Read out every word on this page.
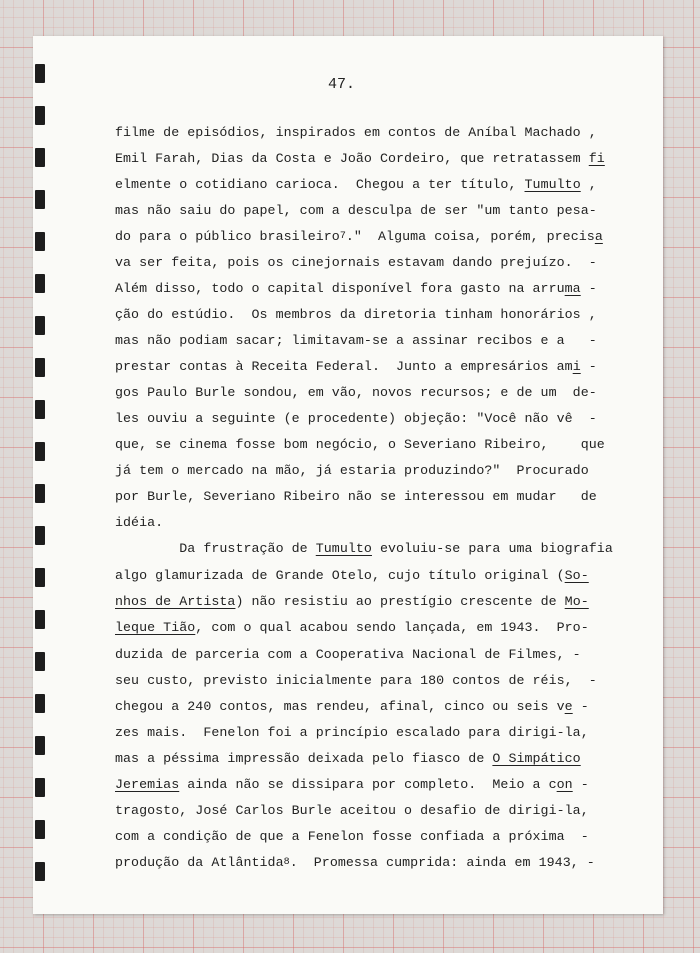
47.
filme de episódios, inspirados em contos de Aníbal Machado ,
Emil Farah, Dias da Costa e João Cordeiro, que retratassem fi
elmente o cotidiano carioca.  Chegou a ter título, Tumulto ,
mas não saiu do papel, com a desculpa de ser "um tanto pesa-
do para o público brasileiro$^7$."  Alguma coisa, porém, precisa
va ser feita, pois os cinejornais estavam dando prejuízo.  -
Além disso, todo o capital disponível fora gasto na arruma -
ção do estúdio.  Os membros da diretoria tinham honorários ,
mas não podiam sacar; limitavam-se a assinar recibos e a   -
prestar contas à Receita Federal.  Junto a empresários ami -
gos Paulo Burle sondou, em vão, novos recursos; e de um  de-
les ouviu a seguinte (e procedente) objeção: "Você não vê  -
que, se cinema fosse bom negócio, o Severiano Ribeiro,    que
já tem o mercado na mão, já estaria produzindo?"  Procurado
por Burle, Severiano Ribeiro não se interessou em mudar   de
idéia.
Da frustração de Tumulto evoluiu-se para uma biografia
algo glamurizada de Grande Otelo, cujo título original (So-
nhos de Artista) não resistiu ao prestígio crescente de Mo-
leque Tião, com o qual acabou sendo lançada, em 1943.  Pro-
duzida de parceria com a Cooperativa Nacional de Filmes, -
seu custo, previsto inicialmente para 180 contos de réis,  -
chegou a 240 contos, mas rendeu, afinal, cinco ou seis ve -
zes mais.  Fenelon foi a princípio escalado para dirigi-la,
mas a péssima impressão deixada pelo fiasco de O Simpático
Jeremias ainda não se dissipara por completo.  Meio a con -
tragosto, José Carlos Burle aceitou o desafio de dirigi-la,
com a condição de que a Fenelon fosse confiada a próxima  -
produção da Atlântida$^8$.  Promessa cumprida: ainda em 1943, -
